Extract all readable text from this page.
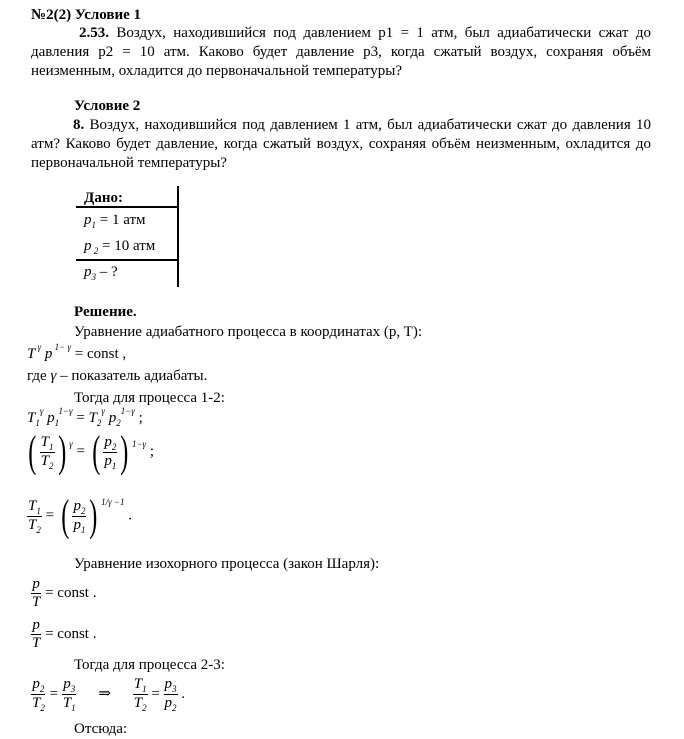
№2(2) Условие 1
2.53. Воздух, находившийся под давлением p1 = 1 атм, был адиабатически сжат до давления p2 = 10 атм. Каково будет давление p3, когда сжатый воздух, сохраняя объём неизменным, охладится до первоначальной температуры?
Условие 2
8. Воздух, находившийся под давлением 1 атм, был адиабатически сжат до давления 10 атм? Каково будет давление, когда сжатый воздух, сохраняя объём неизменным, охладится до первоначальной температуры?
Дано:
$p_1 = 1$ атм
p $_2$ = 10 атм
$p_3$ – ?
Решение.
Уравнение адиабатного процесса в координатах (p, T):
T $^\gamma$ p $^{1- \gamma}$ = const ,
где γ – показатель адиабаты.
Тогда для процесса 1-2:
$T_1^\gamma$ $p_1^{1-\gamma} = T_2^\gamma$ $p_2^{1-\gamma}$ ;
( $\frac{T_1}{T_2}$ ) $^\gamma$ = ( $\frac{p_2}{p_1}$ ) $^{1-\gamma}$ ;
$\frac{T_1}{T_2}$ = ( $\frac{p_2}{p_1}$ ) $^{1/\gamma -1}$ .
Уравнение изохорного процесса (закон Шарля):
$\frac{p}{T}$ = const .
$\frac{p}{T}$ = const .
Тогда для процесса 2-3:
$\frac{p_2}{T_2} = \frac{p_3}{T_1}$ ⇒ $\frac{T_1}{T_2} = \frac{p_3}{p_2}$ .
Отсюда:
